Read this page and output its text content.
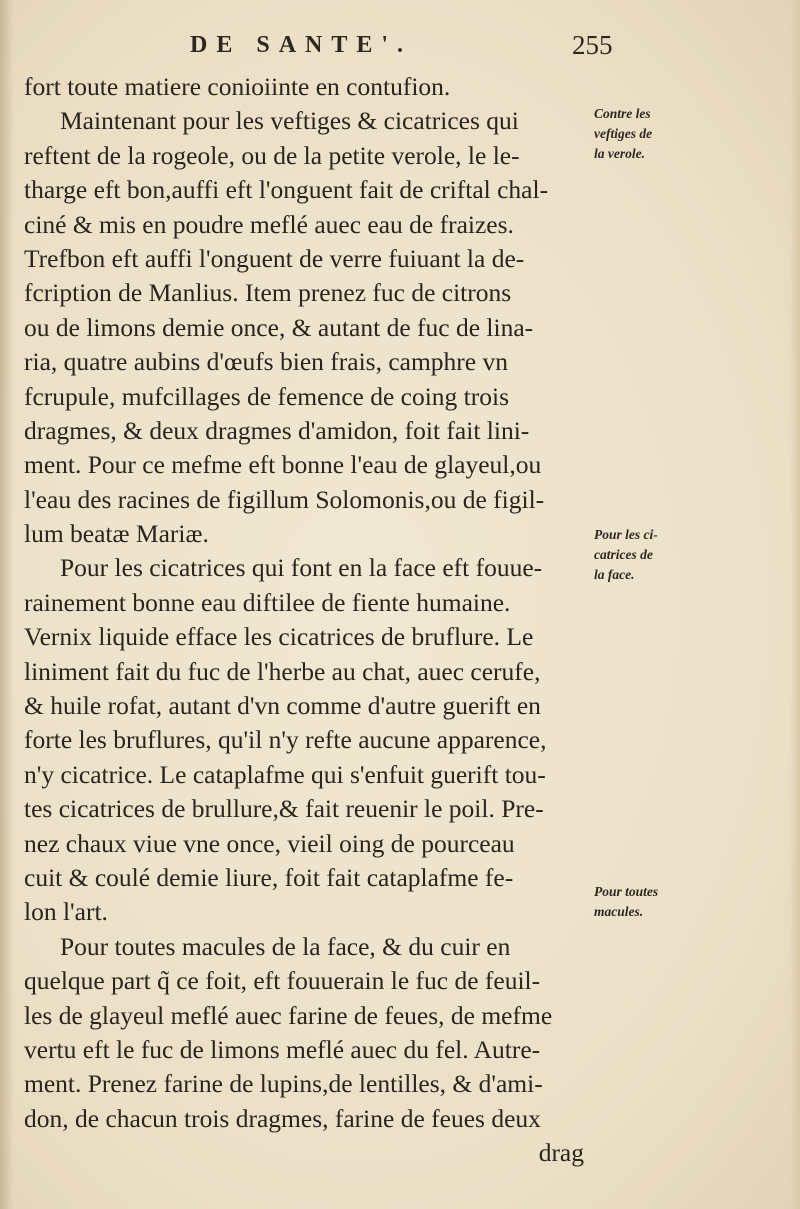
DE SANTE'.	255
fort toute matiere conioiinte en contufion.
Maintenant pour les veftiges & cicatrices qui
reftent de la rogeole, ou de la petite verole, le le-
tharge eft bon,auffi eft l'onguent fait de criftal chal-
ciné & mis en poudre meflé auec eau de fraizes.
Trefbon eft auffi l'onguent de verre fuiuant la de-
fcription de Manlius. Item prenez fuc de citrons
ou de limons demie once, & autant de fuc de lina-
ria, quatre aubins d'œufs bien frais, camphre vn
fcrupule, mufcillages de femence de coing trois
dragmes, & deux dragmes d'amidon, foit fait lini-
ment. Pour ce mefme eft bonne l'eau de glayeul,ou
l'eau des racines de figillum Solomonis,ou de figil-
lum beatæ Mariæ.
Pour les cicatrices qui font en la face eft fouue-
rainement bonne eau diftilee de fiente humaine.
Vernix liquide efface les cicatrices de bruflure. Le
liniment fait du fuc de l'herbe au chat, auec cerufe,
& huile rofat, autant d'vn comme d'autre guerift en
forte les bruflures, qu'il n'y refte aucune apparence,
n'y cicatrice. Le cataplafme qui s'enfuit guerift tou-
tes cicatrices de brullure,& fait reuenir le poil. Pre-
nez chaux viue vne once, vieil oing de pourceau
cuit & coulé demie liure, foit fait cataplafme fe-
lon l'art.
Pour toutes macules de la face, & du cuir en
quelque part q̃ ce foit, eft fouuerain le fuc de feuil-
les de glayeul meflé auec farine de feues, de mefme
vertu eft le fuc de limons meflé auec du fel. Autre-
ment. Prenez farine de lupins,de lentilles, & d'ami-
don, de chacun trois dragmes, farine de feues deux
drag
Contre les
veftiges de
la verole.
Pour les ci-
catrices de
la face.
Pour toutes
macules.
